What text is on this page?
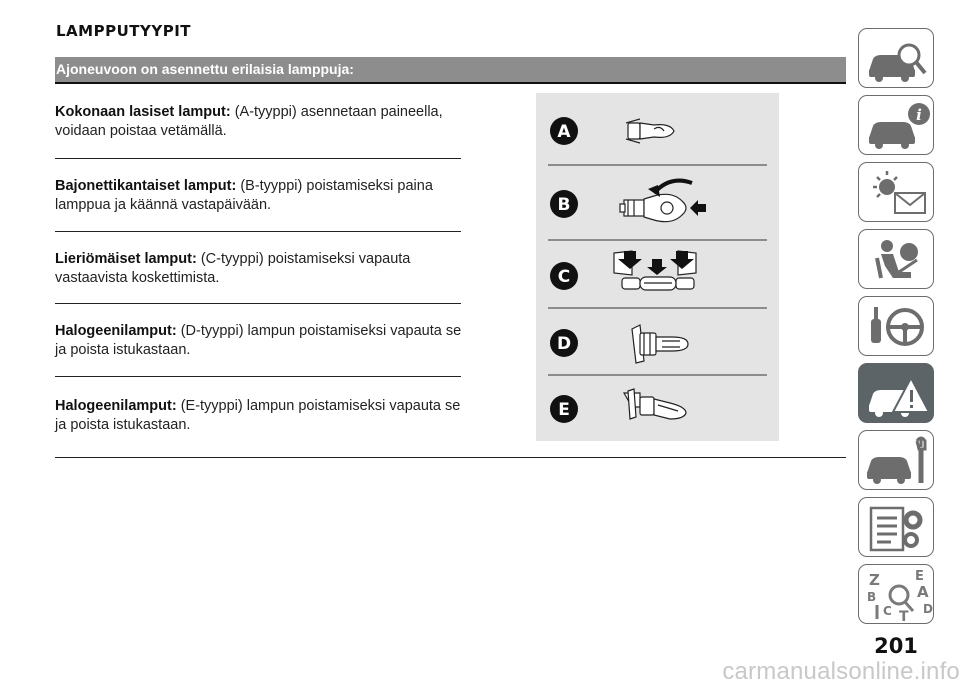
LAMPPUTYYPIT
Ajoneuvoon on asennettu erilaisia lamppuja:
Kokonaan lasiset lamput: (A-tyyppi) asennetaan paineella, voidaan poistaa vetämällä.
Bajonettikantaiset lamput: (B-tyyppi) poistamiseksi paina lamppua ja käännä vastapäivään.
Lieriömäiset lamput: (C-tyyppi) poistamiseksi vapauta vastaavista koskettimista.
Halogeenilamput: (D-tyyppi) lampun poistamiseksi vapauta se ja poista istukastaan.
Halogeenilamput: (E-tyyppi) lampun poistamiseksi vapauta se ja poista istukastaan.
A
B
C
D
E
i
Z	E
B	A
C T D
201
carmanualsonline.info
